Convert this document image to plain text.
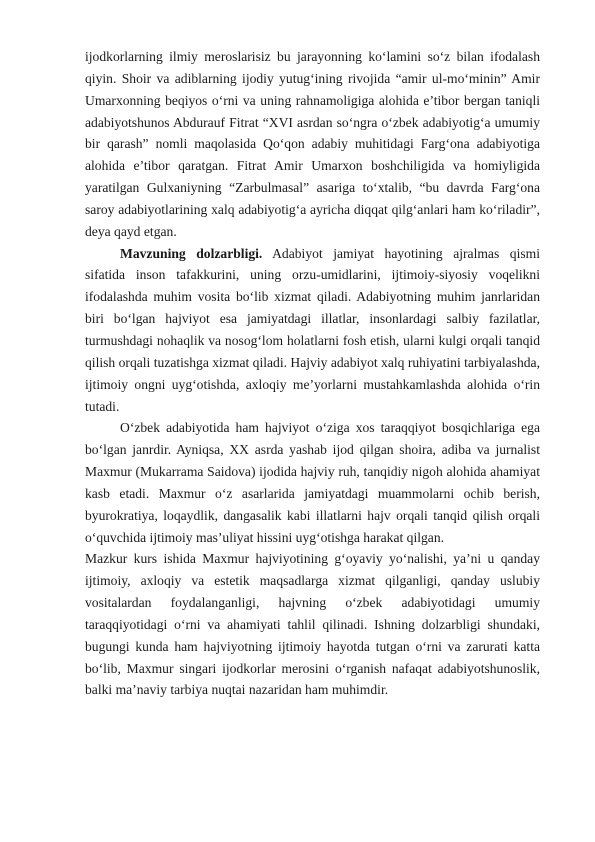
ijodkorlarning ilmiy meroslarisiz bu jarayonning ko‘lamini so‘z bilan ifodalash qiyin. Shoir va adiblarning ijodiy yutug‘ining rivojida “amir ul-mo‘minin” Amir Umarxonning beqiyos o‘rni va uning rahnamoligiga alohida e’tibor bergan taniqli adabiyotshunos Abdurauf Fitrat “XVI asrdan so‘ngra o‘zbek adabiyotig‘a umumiy bir qarash” nomli maqolasida Qo‘qon adabiy muhitidagi Farg‘ona adabiyotiga alohida e’tibor qaratgan. Fitrat Amir Umarxon boshchiligida va homiyligida yaratilgan Gulxaniyning “Zarbulmasal” asariga to‘xtalib, “bu davrda Farg‘ona saroy adabiyotlarining xalq adabiyotig‘a ayricha diqqat qilg‘anlari ham ko‘riladir”, deya qayd etgan.

Mavzuning dolzarbligi. Adabiyot jamiyat hayotining ajralmas qismi sifatida inson tafakkurini, uning orzu-umidlarini, ijtimoiy-siyosiy voqelikni ifodalashda muhim vosita bo‘lib xizmat qiladi. Adabiyotning muhim janrlaridan biri bo‘lgan hajviyot esa jamiyatdagi illatlar, insonlardagi salbiy fazilatlar, turmushdagi nohaqlik va nosog‘lom holatlarni fosh etish, ularni kulgi orqali tanqid qilish orqali tuzatishga xizmat qiladi. Hajviy adabiyot xalq ruhiyatini tarbiyalashda, ijtimoiy ongni uyg‘otishda, axloqiy me’yorlarni mustahkamlashda alohida o‘rin tutadi.

O‘zbek adabiyotida ham hajviyot o‘ziga xos taraqqiyot bosqichlariga ega bo‘lgan janrdir. Ayniqsa, XX asrda yashab ijod qilgan shoira, adiba va jurnalist Maxmur (Mukarrama Saidova) ijodida hajviy ruh, tanqidiy nigoh alohida ahamiyat kasb etadi. Maxmur o‘z asarlarida jamiyatdagi muammolarni ochib berish, byurokratiya, loqaydlik, dangasalik kabi illatlarni hajv orqali tanqid qilish orqali o‘quvchida ijtimoiy mas’uliyat hissini uyg‘otishga harakat qilgan.

Mazkur kurs ishida Maxmur hajviyotining g‘oyaviy yo‘nalishi, ya’ni u qanday ijtimoiy, axloqiy va estetik maqsadlarga xizmat qilganligi, qanday uslubiy vositalardan foydalanganligi, hajvning o‘zbek adabiyotidagi umumiy taraqqiyotidagi o‘rni va ahamiyati tahlil qilinadi. Ishning dolzarbligi shundaki, bugungi kunda ham hajviyotning ijtimoiy hayotda tutgan o‘rni va zarurati katta bo‘lib, Maxmur singari ijodkorlar merosini o‘rganish nafaqat adabiyotshunoslik, balki ma’naviy tarbiya nuqtai nazaridan ham muhimdir.
